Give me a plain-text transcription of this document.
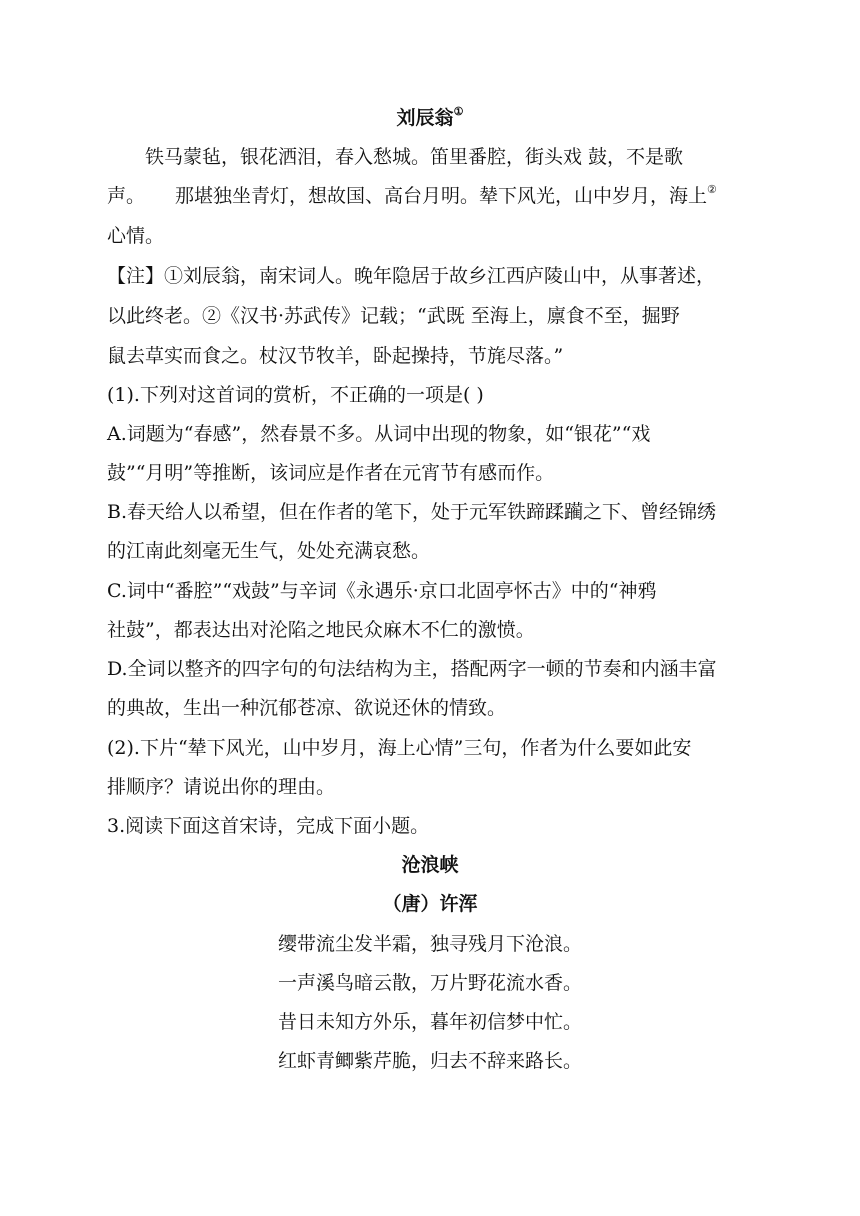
刘辰翁①
铁马蒙毡，银花洒泪，春入愁城。笛里番腔，街头戏 鼓，不是歌
声。 那堪独坐青灯，想故国、高台月明。辇下风光，山中岁月，海上②
心情。
【注】①刘辰翁，南宋词人。晚年隐居于故乡江西庐陵山中，从事著述，
以此终老。②《汉书·苏武传》记载；“武既 至海上，廪食不至，掘野
鼠去草实而食之。杖汉节牧羊，卧起操持，节旄尽落。”
(1).下列对这首词的赏析，不正确的一项是( )
A.词题为“春感”，然春景不多。从词中出现的物象，如“银花”“戏
鼓”“月明”等推断，该词应是作者在元宵节有感而作。
B.春天给人以希望，但在作者的笔下，处于元军铁蹄蹂躏之下、曾经锦绣
的江南此刻毫无生气，处处充满哀愁。
C.词中“番腔”“戏鼓”与辛词《永遇乐·京口北固亭怀古》中的“神鸦
社鼓”，都表达出对沦陷之地民众麻木不仁的激愤。
D.全词以整齐的四字句的句法结构为主，搭配两字一顿的节奏和内涵丰富
的典故，生出一种沉郁苍凉、欲说还休的情致。
(2).下片“辇下风光，山中岁月，海上心情”三句，作者为什么要如此安
排顺序？请说出你的理由。
3.阅读下面这首宋诗，完成下面小题。
沧浪峡
（唐）许浑
缨带流尘发半霜，独寻残月下沧浪。
一声溪鸟暗云散，万片野花流水香。
昔日未知方外乐，暮年初信梦中忙。
红虾青鲫紫芹脆，归去不辞来路长。
